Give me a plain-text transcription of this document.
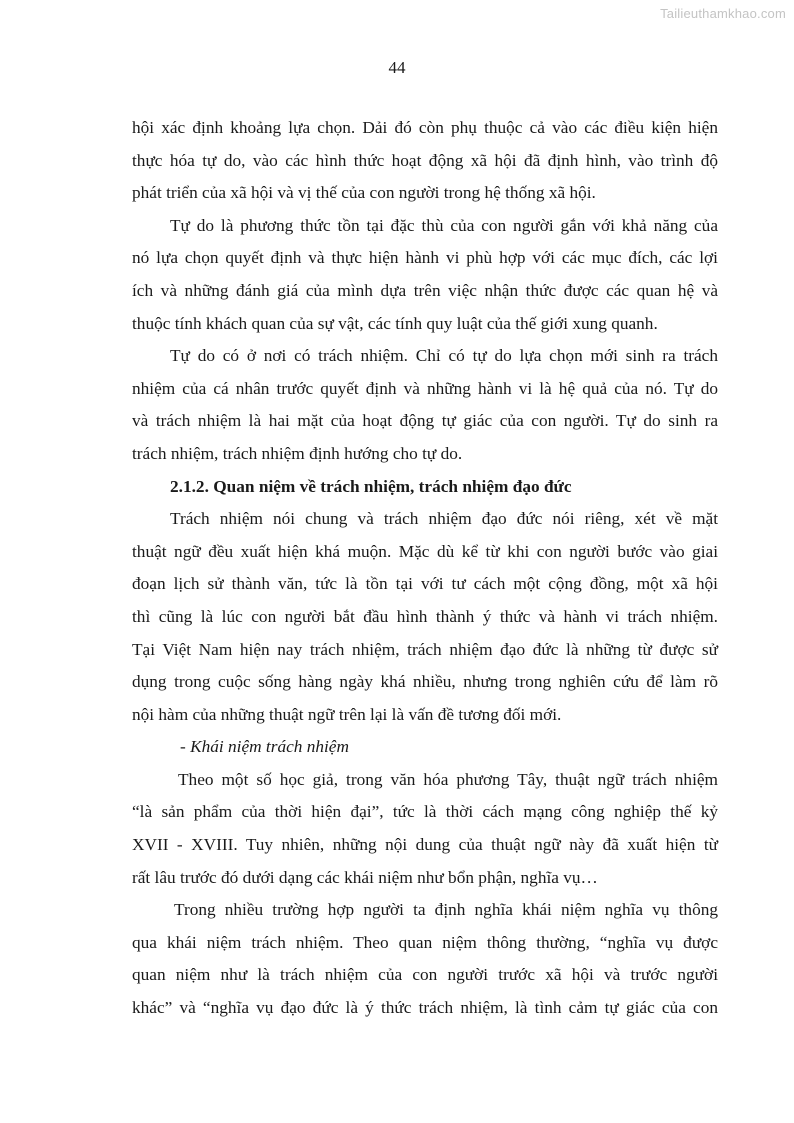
Tailieuthamkhao.com
44

hội xác định khoảng lựa chọn. Dải đó còn phụ thuộc cả vào các điều kiện hiện
thực hóa tự do, vào các hình thức hoạt động xã hội đã định hình, vào trình độ
phát triển của xã hội và vị thế của con người trong hệ thống xã hội.

Tự do là phương thức tồn tại đặc thù của con người gắn với khả năng của
nó lựa chọn quyết định và thực hiện hành vi phù hợp với các mục đích, các lợi
ích và những đánh giá của mình dựa trên việc nhận thức được các quan hệ và
thuộc tính khách quan của sự vật, các tính quy luật của thế giới xung quanh.

Tự do có ở nơi có trách nhiệm. Chỉ có tự do lựa chọn mới sinh ra trách
nhiệm của cá nhân trước quyết định và những hành vi là hệ quả của nó. Tự do
và trách nhiệm là hai mặt của hoạt động tự giác của con người. Tự do sinh ra
trách nhiệm, trách nhiệm định hướng cho tự do.

2.1.2. Quan niệm về trách nhiệm, trách nhiệm đạo đức

Trách nhiệm nói chung và trách nhiệm đạo đức nói riêng, xét về mặt
thuật ngữ đều xuất hiện khá muộn. Mặc dù kể từ khi con người bước vào giai
đoạn lịch sử thành văn, tức là tồn tại với tư cách một cộng đồng, một xã hội
thì cũng là lúc con người bắt đầu hình thành ý thức và hành vi trách nhiệm.
Tại Việt Nam hiện nay trách nhiệm, trách nhiệm đạo đức là những từ được sử
dụng trong cuộc sống hàng ngày khá nhiều, nhưng trong nghiên cứu để làm rõ
nội hàm của những thuật ngữ trên lại là vấn đề tương đối mới.

- Khái niệm trách nhiệm

Theo một số học giả, trong văn hóa phương Tây, thuật ngữ trách nhiệm
“là sản phẩm của thời hiện đại”, tức là thời cách mạng công nghiệp thế kỷ
XVII - XVIII. Tuy nhiên, những nội dung của thuật ngữ này đã xuất hiện từ
rất lâu trước đó dưới dạng các khái niệm như bổn phận, nghĩa vụ…

Trong nhiều trường hợp người ta định nghĩa khái niệm nghĩa vụ thông
qua khái niệm trách nhiệm. Theo quan niệm thông thường, “nghĩa vụ được
quan niệm như là trách nhiệm của con người trước xã hội và trước người
khác” và “nghĩa vụ đạo đức là ý thức trách nhiệm, là tình cảm tự giác của con
